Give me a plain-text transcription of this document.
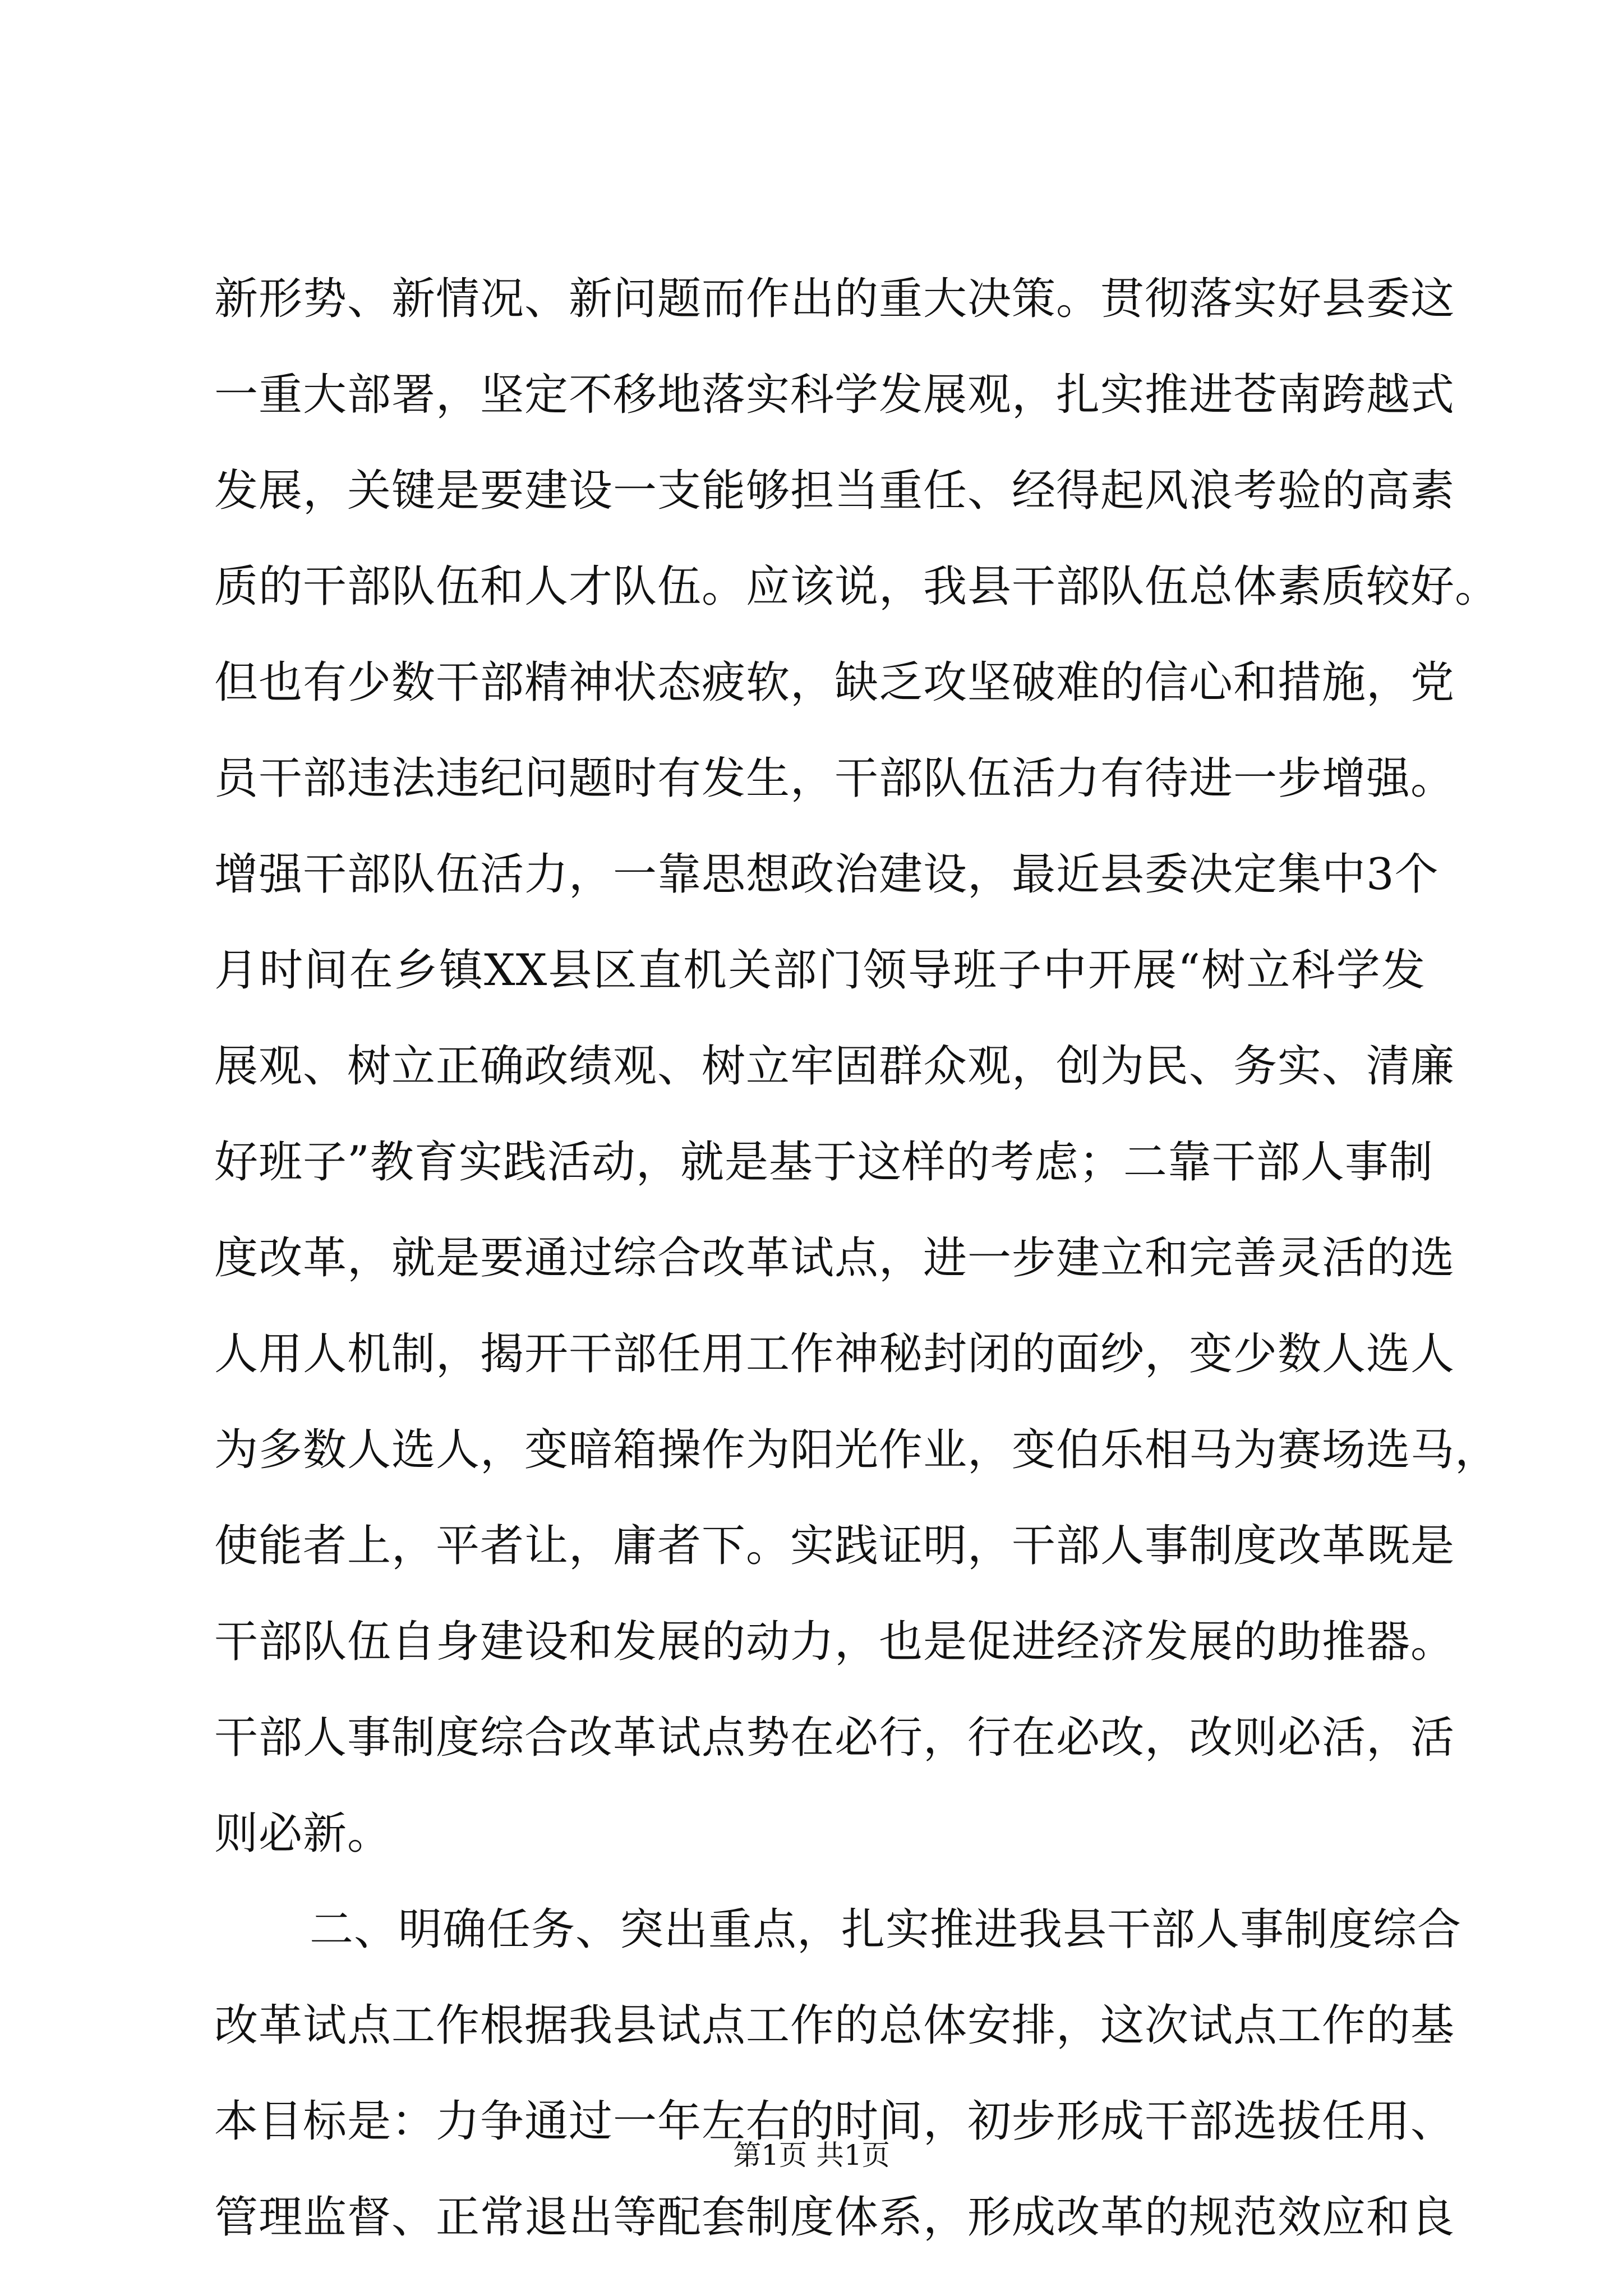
新形势、新情况、新问题而作出的重大决策。贯彻落实好县委这
一重大部署，坚定不移地落实科学发展观，扎实推进苍南跨越式
发展，关键是要建设一支能够担当重任、经得起风浪考验的高素
质的干部队伍和人才队伍。应该说，我县干部队伍总体素质较好。
但也有少数干部精神状态疲软，缺乏攻坚破难的信心和措施，党
员干部违法违纪问题时有发生，干部队伍活力有待进一步增强。
增强干部队伍活力，一靠思想政治建设，最近县委决定集中3个
月时间在乡镇XX县区直机关部门领导班子中开展“树立科学发
展观、树立正确政绩观、树立牢固群众观，创为民、务实、清廉
好班子”教育实践活动，就是基于这样的考虑；二靠干部人事制
度改革，就是要通过综合改革试点，进一步建立和完善灵活的选
人用人机制，揭开干部任用工作神秘封闭的面纱，变少数人选人
为多数人选人，变暗箱操作为阳光作业，变伯乐相马为赛场选马，
使能者上，平者让，庸者下。实践证明，干部人事制度改革既是
干部队伍自身建设和发展的动力，也是促进经济发展的助推器。
干部人事制度综合改革试点势在必行，行在必改，改则必活，活
则必新。
二、明确任务、突出重点，扎实推进我县干部人事制度综合
改革试点工作根据我县试点工作的总体安排，这次试点工作的基
本目标是：力争通过一年左右的时间，初步形成干部选拔任用、
管理监督、正常退出等配套制度体系，形成改革的规范效应和良
第1页 共1页
